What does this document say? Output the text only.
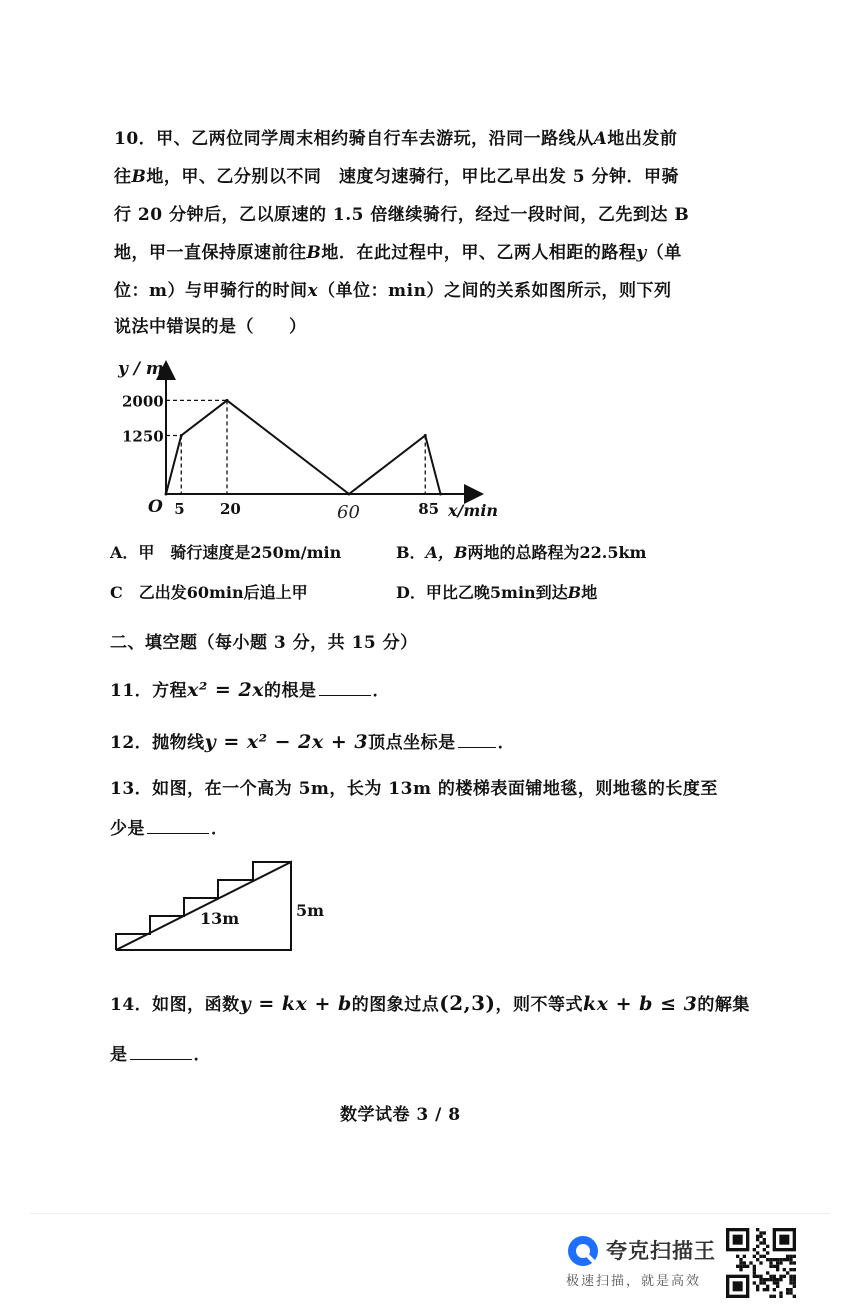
10．甲、乙两位同学周末相约骑自行车去游玩，沿同一路线从A地出发前
往B地，甲、乙分别以不同　速度匀速骑行，甲比乙早出发 5 分钟．甲骑
行 20 分钟后，乙以原速的 1.5 倍继续骑行，经过一段时间，乙先到达 B
地，甲一直保持原速前往B地．在此过程中，甲、乙两人相距的路程y（单
位：m）与甲骑行的时间x（单位：min）之间的关系如图所示，则下列
说法中错误的是（　　）
y / m
x/min
O
1250
2000
5 20	85
60
A．甲　骑行速度是250m/min	B．A，B两地的总路程为22.5km
C　乙出发60min后追上甲	D．甲比乙晚5min到达B地
二、填空题（每小题 3 分，共 15 分）
11．方程x² = 2x的根是	．
12．抛物线y = x² − 2x + 3顶点坐标是 ．
13．如图，在一个高为 5m，长为 13m 的楼梯表面铺地毯，则地毯的长度至
少是	．
13m	5m
14．如图，函数y = kx + b的图象过点(2,3)，则不等式kx + b ≤ 3的解集
是	．
数学试卷 3 / 8
夸克扫描王
极速扫描，就是高效
